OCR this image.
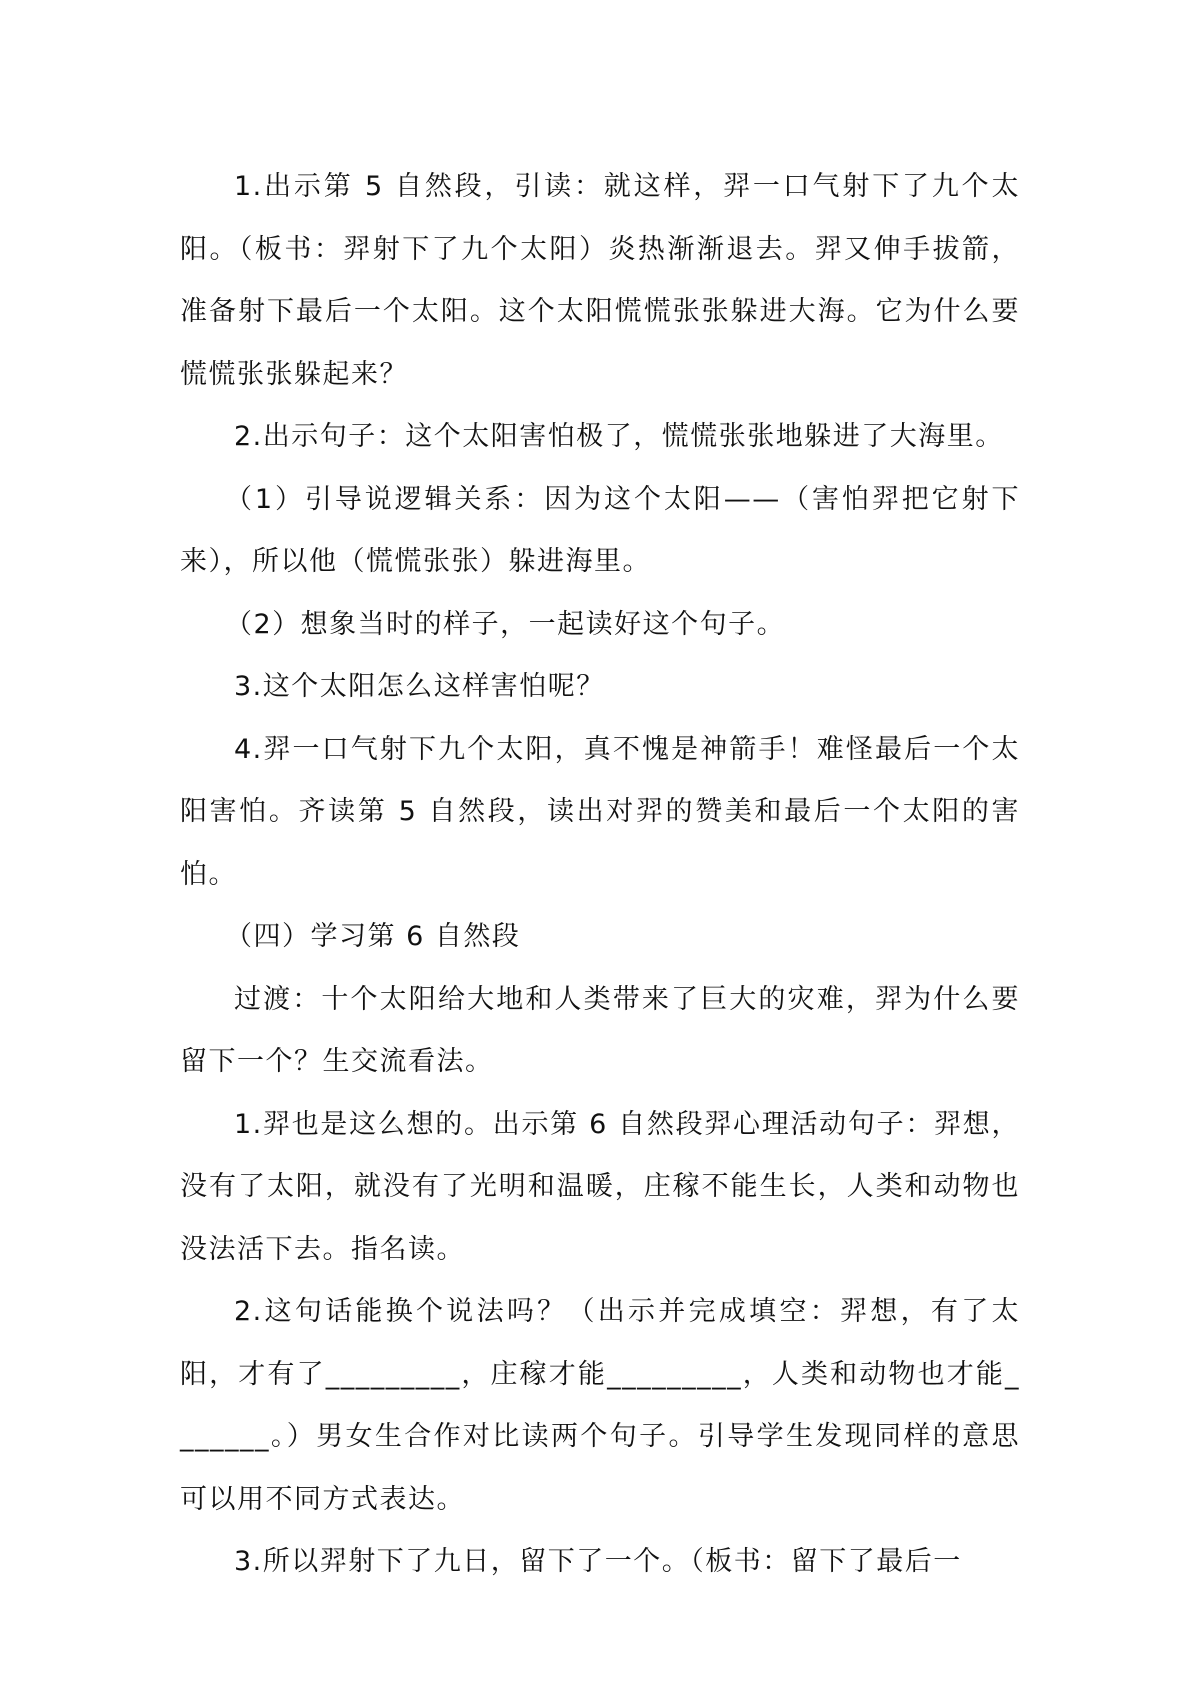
1.出示第 5 自然段，引读：就这样，羿一口气射下了九个太阳。（板书：羿射下了九个太阳）炎热渐渐退去。羿又伸手拔箭，准备射下最后一个太阳。这个太阳慌慌张张躲进大海。它为什么要慌慌张张躲起来？

2.出示句子：这个太阳害怕极了，慌慌张张地躲进了大海里。

（1）引导说逻辑关系：因为这个太阳——（害怕羿把它射下来），所以他（慌慌张张）躲进海里。

（2）想象当时的样子，一起读好这个句子。

3.这个太阳怎么这样害怕呢？

4.羿一口气射下九个太阳，真不愧是神箭手！难怪最后一个太阳害怕。齐读第 5 自然段，读出对羿的赞美和最后一个太阳的害怕。

（四）学习第 6 自然段

过渡：十个太阳给大地和人类带来了巨大的灾难，羿为什么要留下一个？生交流看法。

1.羿也是这么想的。出示第 6 自然段羿心理活动句子：羿想，没有了太阳，就没有了光明和温暖，庄稼不能生长，人类和动物也没法活下去。指名读。

2.这句话能换个说法吗？（出示并完成填空：羿想，有了太阳，才有了_________，庄稼才能_________，人类和动物也才能_______。）男女生合作对比读两个句子。引导学生发现同样的意思可以用不同方式表达。

3.所以羿射下了九日，留下了一个。（板书：留下了最后一
